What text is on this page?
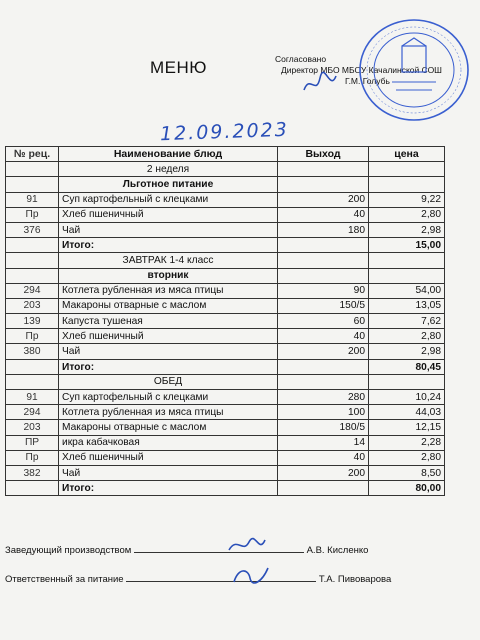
МЕНЮ	Согласовано
Директор МБО МБОУ Качалинской СОШ
Г.М. Голубь
12.09.2023
№ рец.	Наименование блюд	Выход	цена
	2 неделя		
	Льготное питание		
91	Суп картофельный с клецками	200	9,22
Пр	Хлеб пшеничный	40	2,80
376	Чай	180	2,98
	Итого:		15,00
	ЗАВТРАК 1-4 класс		
	вторник		
294	Котлета рубленная из мяса птицы	90	54,00
203	Макароны отварные с маслом	150/5	13,05
139	Капуста тушеная	60	7,62
Пр	Хлеб пшеничный	40	2,80
380	Чай	200	2,98
	Итого:		80,45
	ОБЕД		
91	Суп картофельный с клецками	280	10,24
294	Котлета рубленная из мяса птицы	100	44,03
203	Макароны отварные с маслом	180/5	12,15
ПР	икра кабачковая	14	2,28
Пр	Хлеб пшеничный	40	2,80
382	Чай	200	8,50
	Итого:		80,00
Заведующий производством	А.В. Кисленко
Ответственный за питание	Т.А. Пивоварова
